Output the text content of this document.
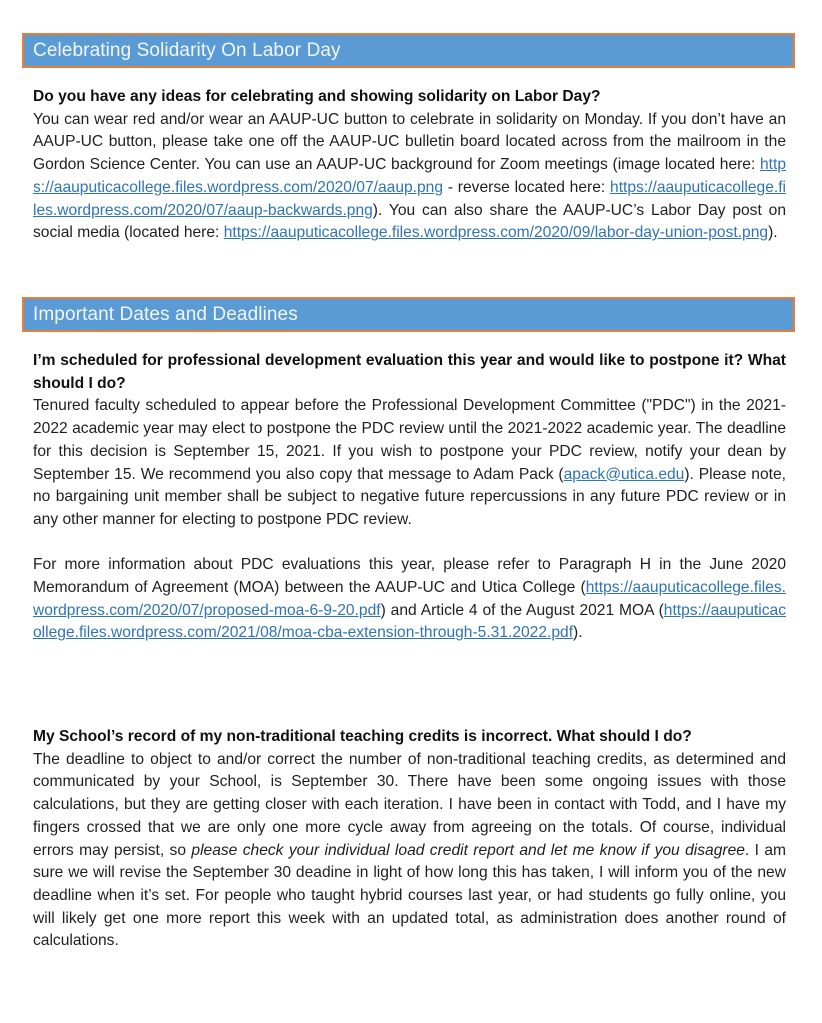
Celebrating Solidarity On Labor Day

Do you have any ideas for celebrating and showing solidarity on Labor Day?

You can wear red and/or wear an AAUP-UC button to celebrate in solidarity on Monday. If you don’t have an AAUP-UC button, please take one off the AAUP-UC bulletin board located across from the mailroom in the Gordon Science Center. You can use an AAUP-UC background for Zoom meetings (image located here: https://aauputicacollege.files.wordpress.com/2020/07/aaup.png - reverse located here: https://aauputicacollege.files.wordpress.com/2020/07/aaup-backwards.png). You can also share the AAUP-UC’s Labor Day post on social media (located here: https://aauputicacollege.files.wordpress.com/2020/09/labor-day-union-post.png).

Important Dates and Deadlines

I’m scheduled for professional development evaluation this year and would like to postpone it? What should I do?

Tenured faculty scheduled to appear before the Professional Development Committee ("PDC") in the 2021-2022 academic year may elect to postpone the PDC review until the 2021-2022 academic year. The deadline for this decision is September 15, 2021. If you wish to postpone your PDC review, notify your dean by September 15. We recommend you also copy that message to Adam Pack (apack@utica.edu). Please note, no bargaining unit member shall be subject to negative future repercussions in any future PDC review or in any other manner for electing to postpone PDC review.

For more information about PDC evaluations this year, please refer to Paragraph H in the June 2020 Memorandum of Agreement (MOA) between the AAUP-UC and Utica College (https://aauputicacollege.files.wordpress.com/2020/07/proposed-moa-6-9-20.pdf) and Article 4 of the August 2021 MOA (https://aauputicacollege.files.wordpress.com/2021/08/moa-cba-extension-through-5.31.2022.pdf).

My School’s record of my non-traditional teaching credits is incorrect. What should I do?

The deadline to object to and/or correct the number of non-traditional teaching credits, as determined and communicated by your School, is September 30. There have been some ongoing issues with those calculations, but they are getting closer with each iteration. I have been in contact with Todd, and I have my fingers crossed that we are only one more cycle away from agreeing on the totals. Of course, individual errors may persist, so please check your individual load credit report and let me know if you disagree. I am sure we will revise the September 30 deadine in light of how long this has taken, I will inform you of the new deadline when it’s set. For people who taught hybrid courses last year, or had students go fully online, you will likely get one more report this week with an updated total, as administration does another round of calculations.
